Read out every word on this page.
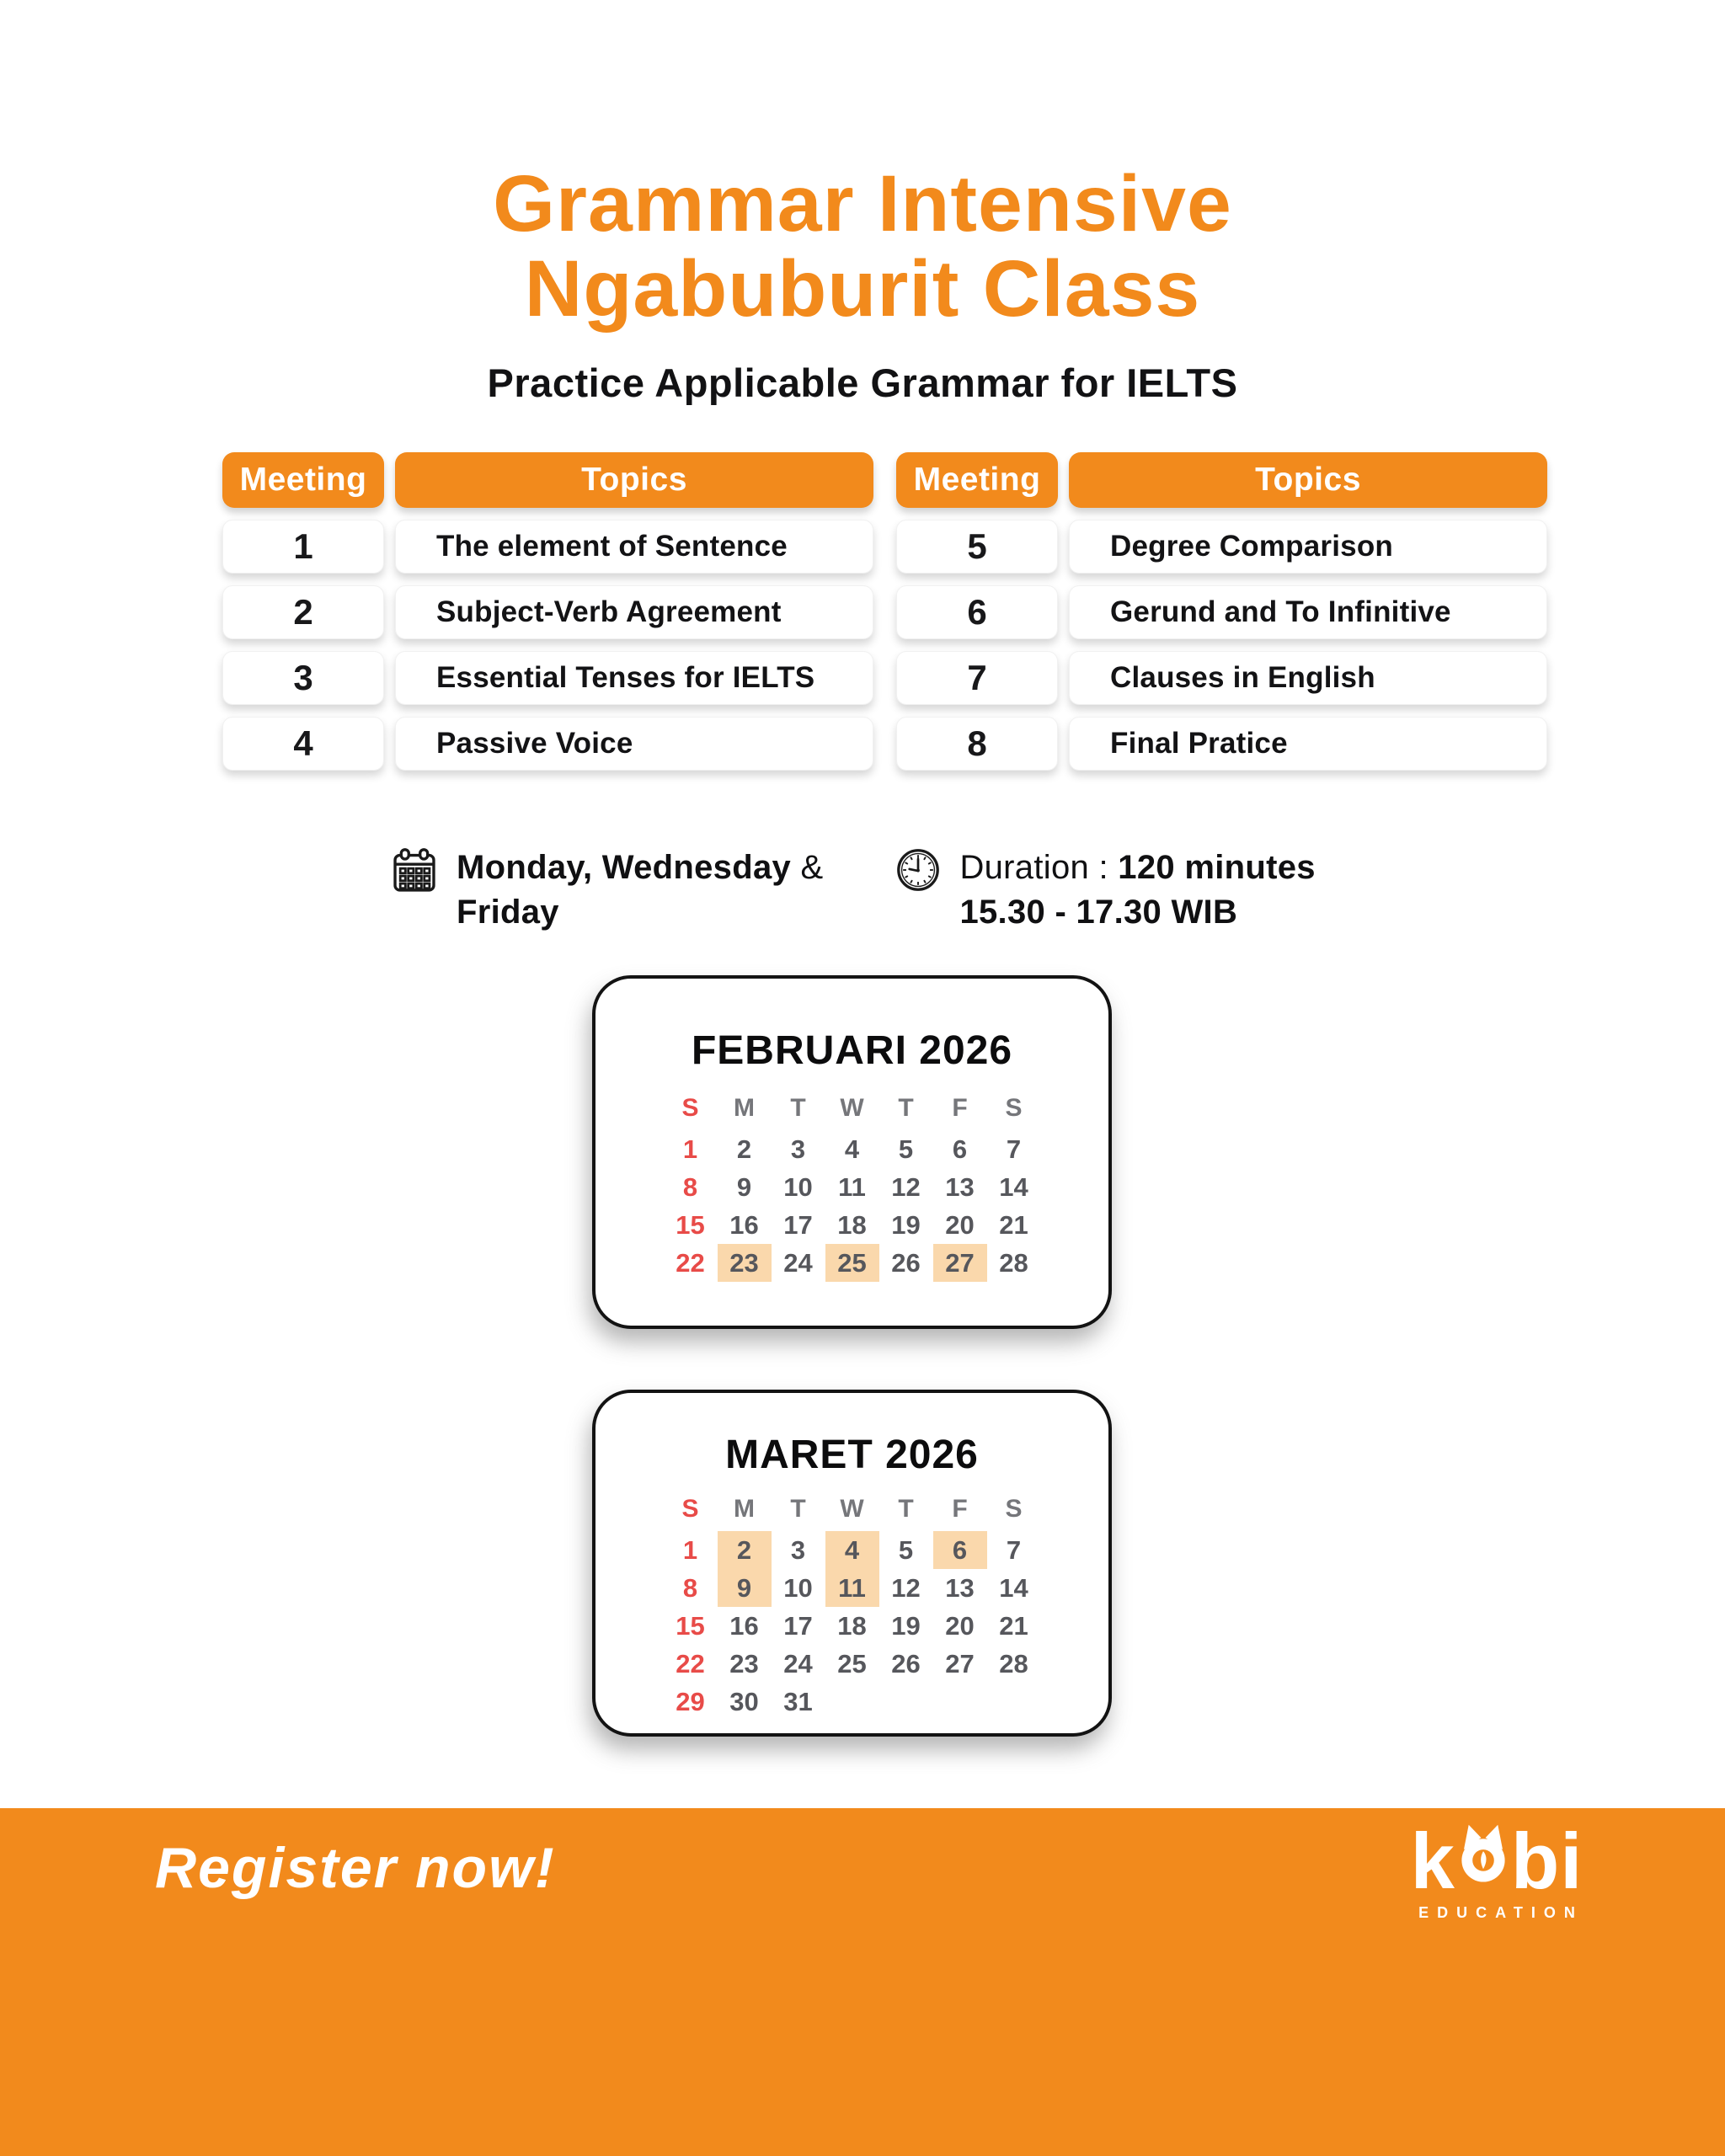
Grammar Intensive
Ngabuburit Class
Practice Applicable Grammar for IELTS
Meeting	Topics
1	The element of Sentence
2	Subject-Verb Agreement
3	Essential Tenses for IELTS
4	Passive Voice
Meeting	Topics
5	Degree Comparison
6	Gerund and To Infinitive
7	Clauses in English
8	Final Pratice
Monday, Wednesday &
Friday
Duration : 120 minutes
15.30 - 17.30 WIB
FEBRUARI 2026
S	M	T	W	T	F	S
1	2	3	4	5	6	7
8	9	10 11 12 13 14
15 16 17 18 19 20 21
22 23 24 25 26 27 28
MARET 2026
S	M	T	W	T	F	S
1	2	3	4	5	6	7
8	9	10 11 12 13 14
15 16 17 18 19 20 21
22 23 24 25 26 27 28
29 30 31
Register now!	k bi
EDUCATION
